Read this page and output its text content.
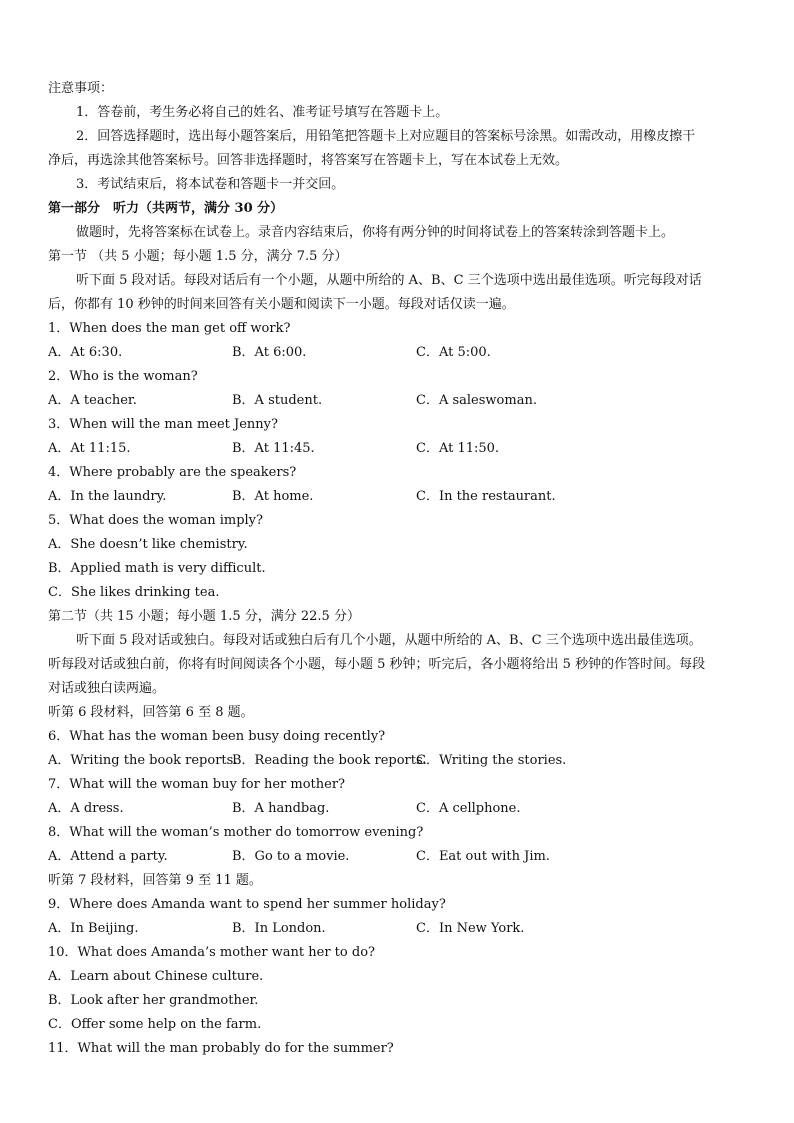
注意事项：
1．答卷前，考生务必将自己的姓名、准考证号填写在答题卡上。
2．回答选择题时，选出每小题答案后，用铅笔把答题卡上对应题目的答案标号涂黑。如需改动，用橡皮擦干
净后，再选涂其他答案标号。回答非选择题时，将答案写在答题卡上，写在本试卷上无效。
3．考试结束后，将本试卷和答题卡一并交回。
第一部分　听力（共两节，满分 30 分）
做题时，先将答案标在试卷上。录音内容结束后，你将有两分钟的时间将试卷上的答案转涂到答题卡上。
第一节 （共 5 小题；每小题 1.5 分，满分 7.5 分）
听下面 5 段对话。每段对话后有一个小题，从题中所给的 A、B、C 三个选项中选出最佳选项。听完每段对话
后，你都有 10 秒钟的时间来回答有关小题和阅读下一小题。每段对话仅读一遍。
1．When does the man get off work?
A．At 6:30.	B．At 6:00.	C．At 5:00.
2．Who is the woman?
A．A teacher.	B．A student.	C．A saleswoman.
3．When will the man meet Jenny?
A．At 11:15.	B．At 11:45.	C．At 11:50.
4．Where probably are the speakers?
A．In the laundry.	B．At home.	C．In the restaurant.
5．What does the woman imply?
A．She doesn’t like chemistry.
B．Applied math is very difficult.
C．She likes drinking tea.
第二节（共 15 小题；每小题 1.5 分，满分 22.5 分）
听下面 5 段对话或独白。每段对话或独白后有几个小题，从题中所给的 A、B、C 三个选项中选出最佳选项。
听每段对话或独白前，你将有时间阅读各个小题，每小题 5 秒钟；听完后，各小题将给出 5 秒钟的作答时间。每段
对话或独白读两遍。
听第 6 段材料，回答第 6 至 8 题。
6．What has the woman been busy doing recently?
A．Writing the book reports.
B．Reading the book reports.
C．Writing the stories.
7．What will the woman buy for her mother?
A．A dress.	B．A handbag.	C．A cellphone.
8．What will the woman’s mother do tomorrow evening?
A．Attend a party.	B．Go to a movie.	C．Eat out with Jim.
听第 7 段材料，回答第 9 至 11 题。
9．Where does Amanda want to spend her summer holiday?
A．In Beijing.	B．In London.	C．In New York.
10．What does Amanda’s mother want her to do?
A．Learn about Chinese culture.
B．Look after her grandmother.
C．Offer some help on the farm.
11．What will the man probably do for the summer?
